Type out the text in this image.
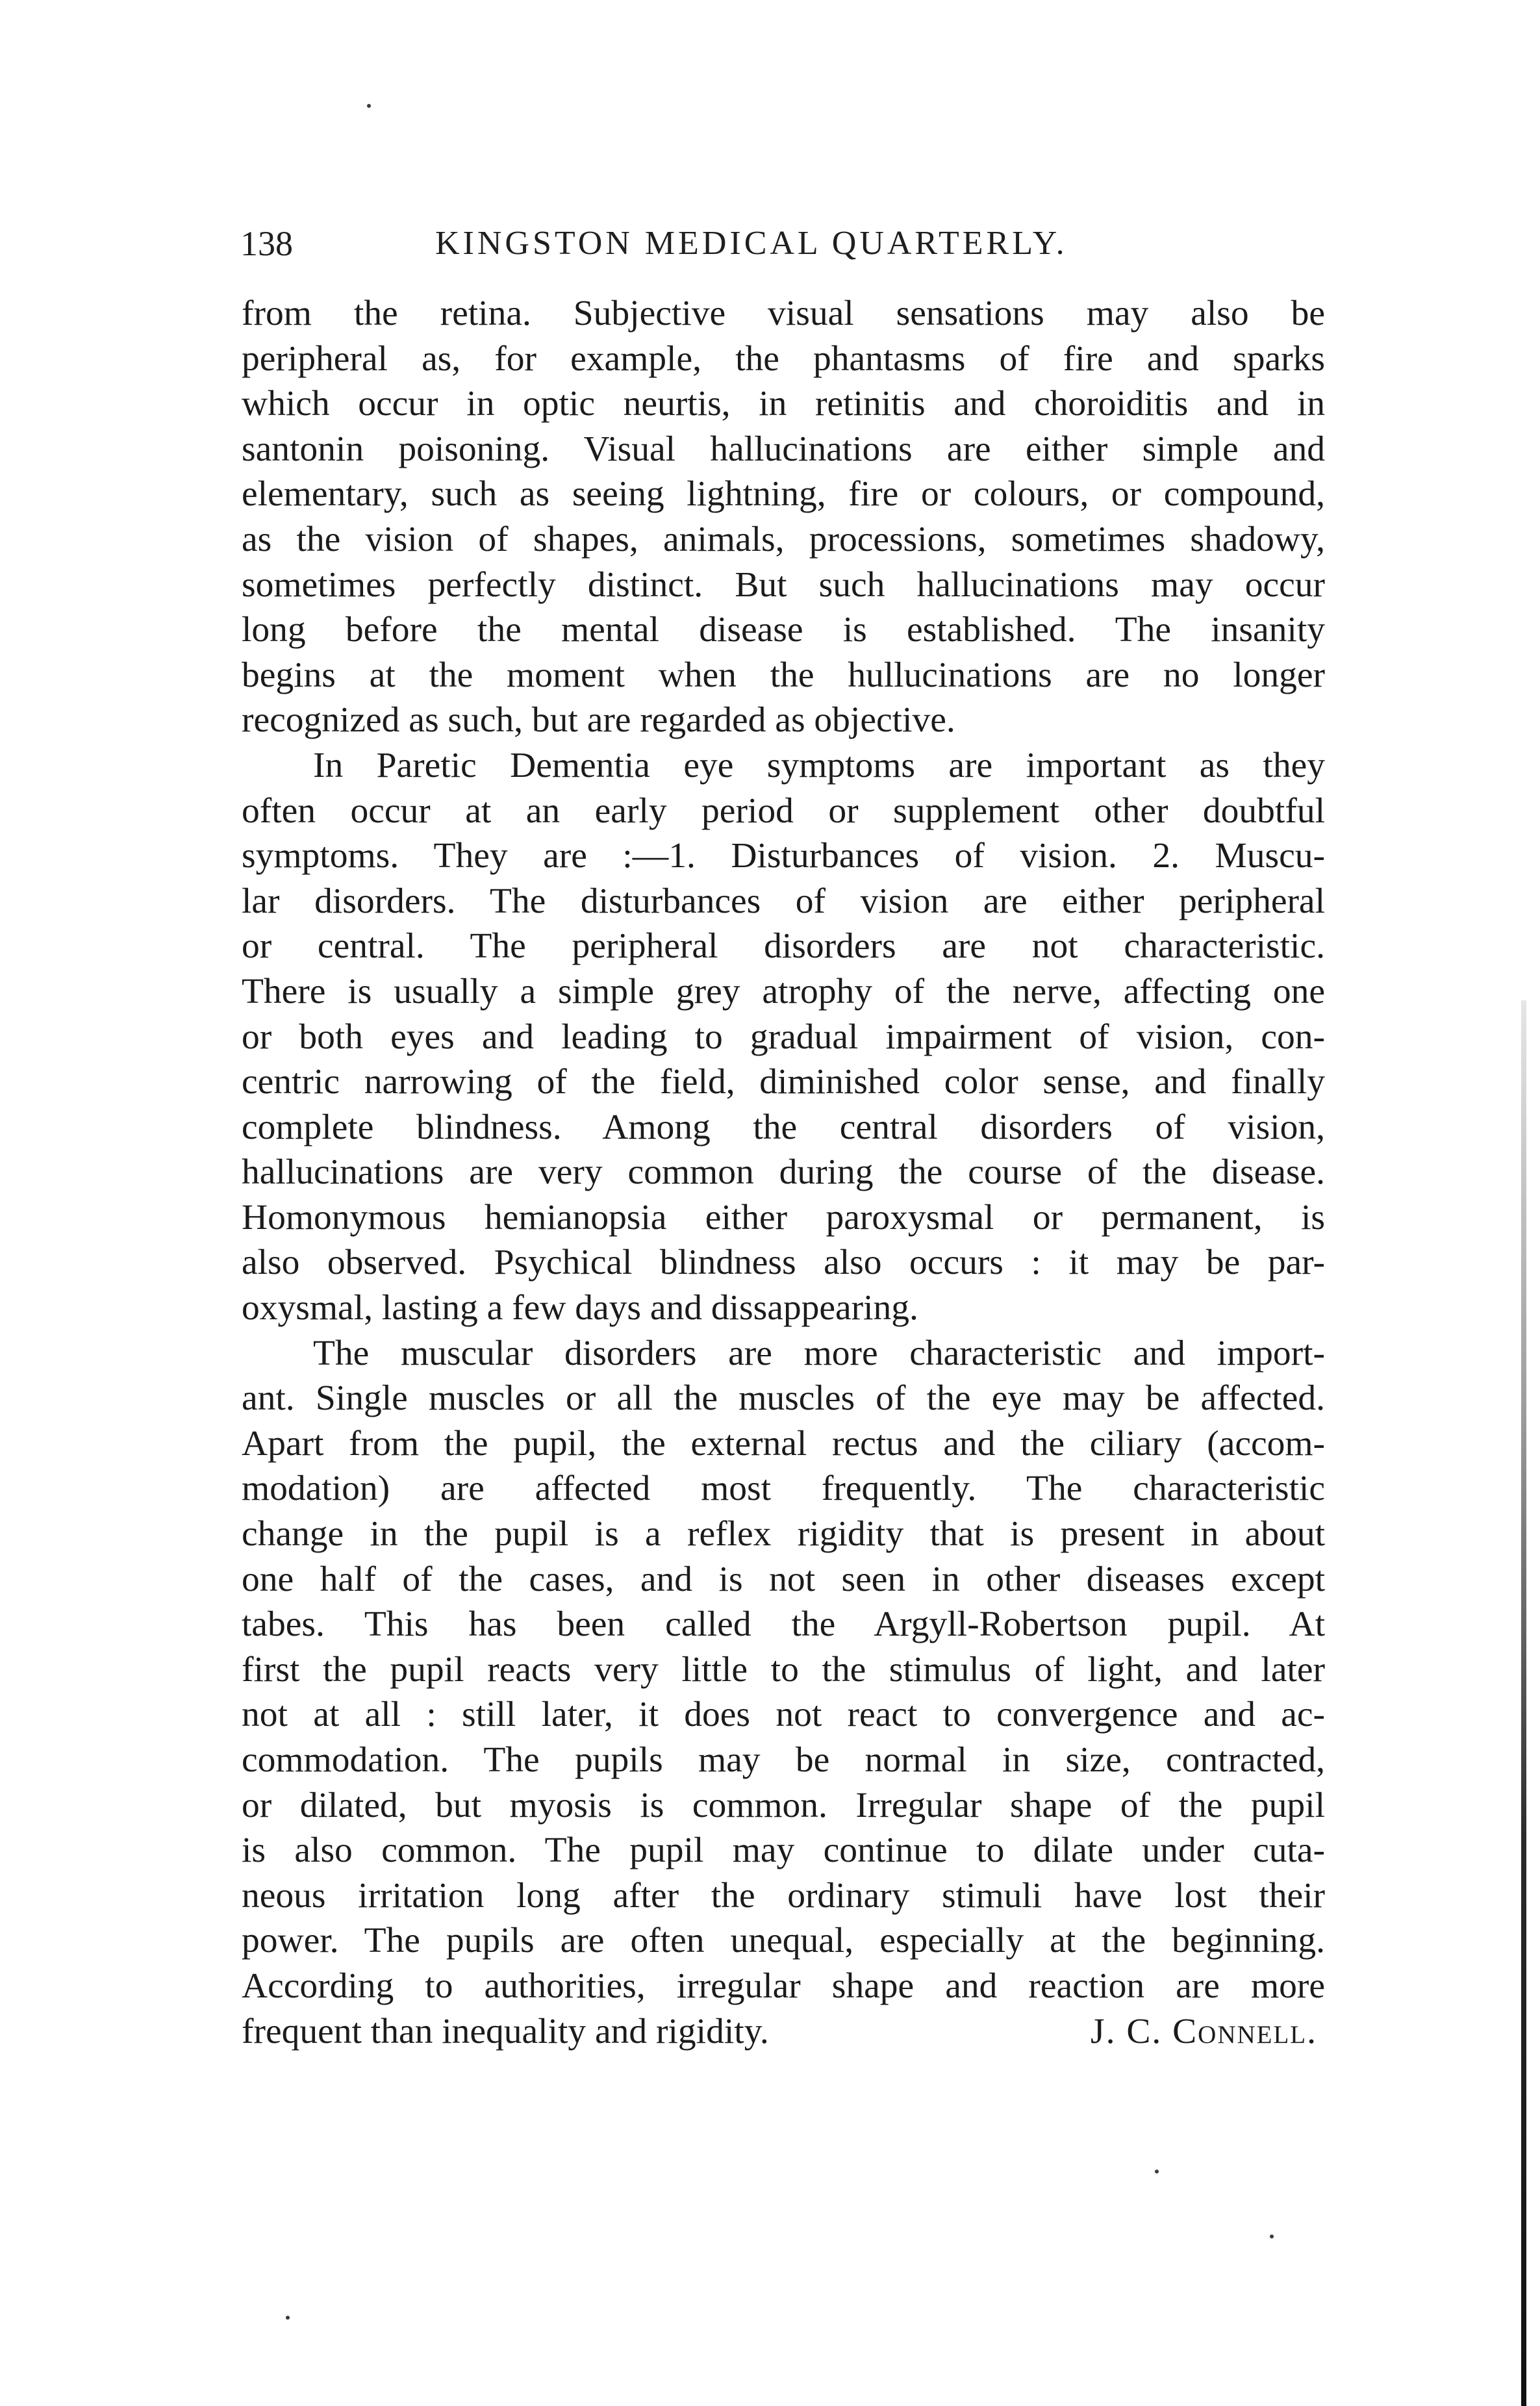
138	KINGSTON MEDICAL QUARTERLY.
from the retina. Subjective visual sensations may also be
peripheral as, for example, the phantasms of fire and sparks
which occur in optic neurtis, in retinitis and choroiditis and in
santonin poisoning. Visual hallucinations are either simple and
elementary, such as seeing lightning, fire or colours, or compound,
as the vision of shapes, animals, processions, sometimes shadowy,
sometimes perfectly distinct. But such hallucinations may occur
long before the mental disease is established. The insanity
begins at the moment when the hullucinations are no longer
recognized as such, but are regarded as objective.
In Paretic Dementia eye symptoms are important as they
often occur at an early period or supplement other doubtful
symptoms. They are :—1. Disturbances of vision. 2. Muscu-
lar disorders. The disturbances of vision are either peripheral
or central. The peripheral disorders are not characteristic.
There is usually a simple grey atrophy of the nerve, affecting one
or both eyes and leading to gradual impairment of vision, con-
centric narrowing of the field, diminished color sense, and finally
complete blindness. Among the central disorders of vision,
hallucinations are very common during the course of the disease.
Homonymous hemianopsia either paroxysmal or permanent, is
also observed. Psychical blindness also occurs : it may be par-
oxysmal, lasting a few days and dissappearing.
The muscular disorders are more characteristic and import-
ant. Single muscles or all the muscles of the eye may be affected.
Apart from the pupil, the external rectus and the ciliary (accom-
modation) are affected most frequently. The characteristic
change in the pupil is a reflex rigidity that is present in about
one half of the cases, and is not seen in other diseases except
tabes. This has been called the Argyll-Robertson pupil. At
first the pupil reacts very little to the stimulus of light, and later
not at all : still later, it does not react to convergence and ac-
commodation. The pupils may be normal in size, contracted,
or dilated, but myosis is common. Irregular shape of the pupil
is also common. The pupil may continue to dilate under cuta-
neous irritation long after the ordinary stimuli have lost their
power. The pupils are often unequal, especially at the beginning.
According to authorities, irregular shape and reaction are more
frequent than inequality and rigidity.	J. C. Connell.
